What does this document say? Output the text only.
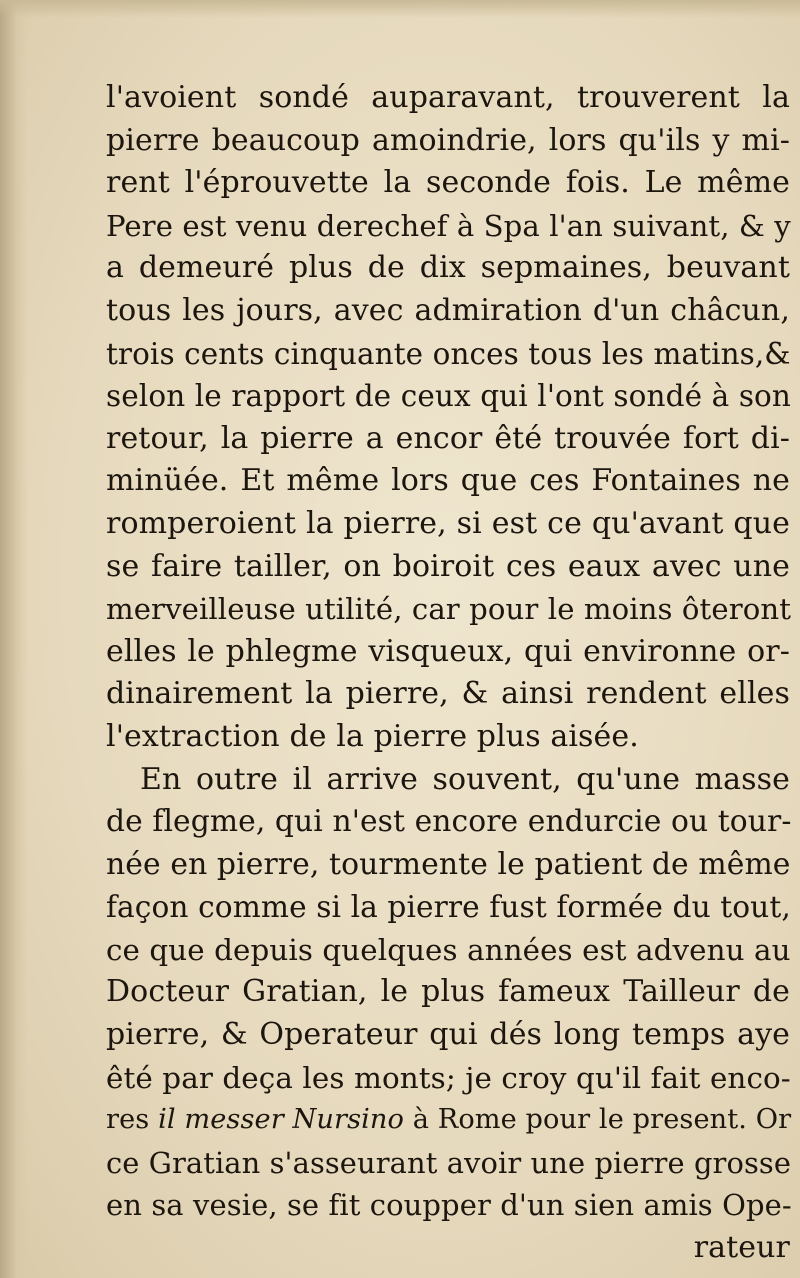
l'avoient sondé auparavant, trouverent la
pierre beaucoup amoindrie, lors qu'ils y mi-
rent l'éprouvette la seconde fois. Le même
Pere est venu derechef à Spa l'an suivant, & y
a demeuré plus de dix sepmaines, beuvant
tous les jours, avec admiration d'un châcun,
trois cents cinquante onces tous les matins,&
selon le rapport de ceux qui l'ont sondé à son
retour, la pierre a encor êté trouvée fort di-
minüée. Et même lors que ces Fontaines ne
romperoient la pierre, si est ce qu'avant que
se faire tailler, on boiroit ces eaux avec une
merveilleuse utilité, car pour le moins ôteront
elles le phlegme visqueux, qui environne or-
dinairement la pierre, & ainsi rendent elles
l'extraction de la pierre plus aisée.
En outre il arrive souvent, qu'une masse
de flegme, qui n'est encore endurcie ou tour-
née en pierre, tourmente le patient de même
façon comme si la pierre fust formée du tout,
ce que depuis quelques années est advenu au
Docteur Gratian, le plus fameux Tailleur de
pierre, & Operateur qui dés long temps aye
êté par deça les monts; je croy qu'il fait enco-
res il messer Nursino à Rome pour le present. Or
ce Gratian s'asseurant avoir une pierre grosse
en sa vesie, se fit coupper d'un sien amis Ope-
rateur
